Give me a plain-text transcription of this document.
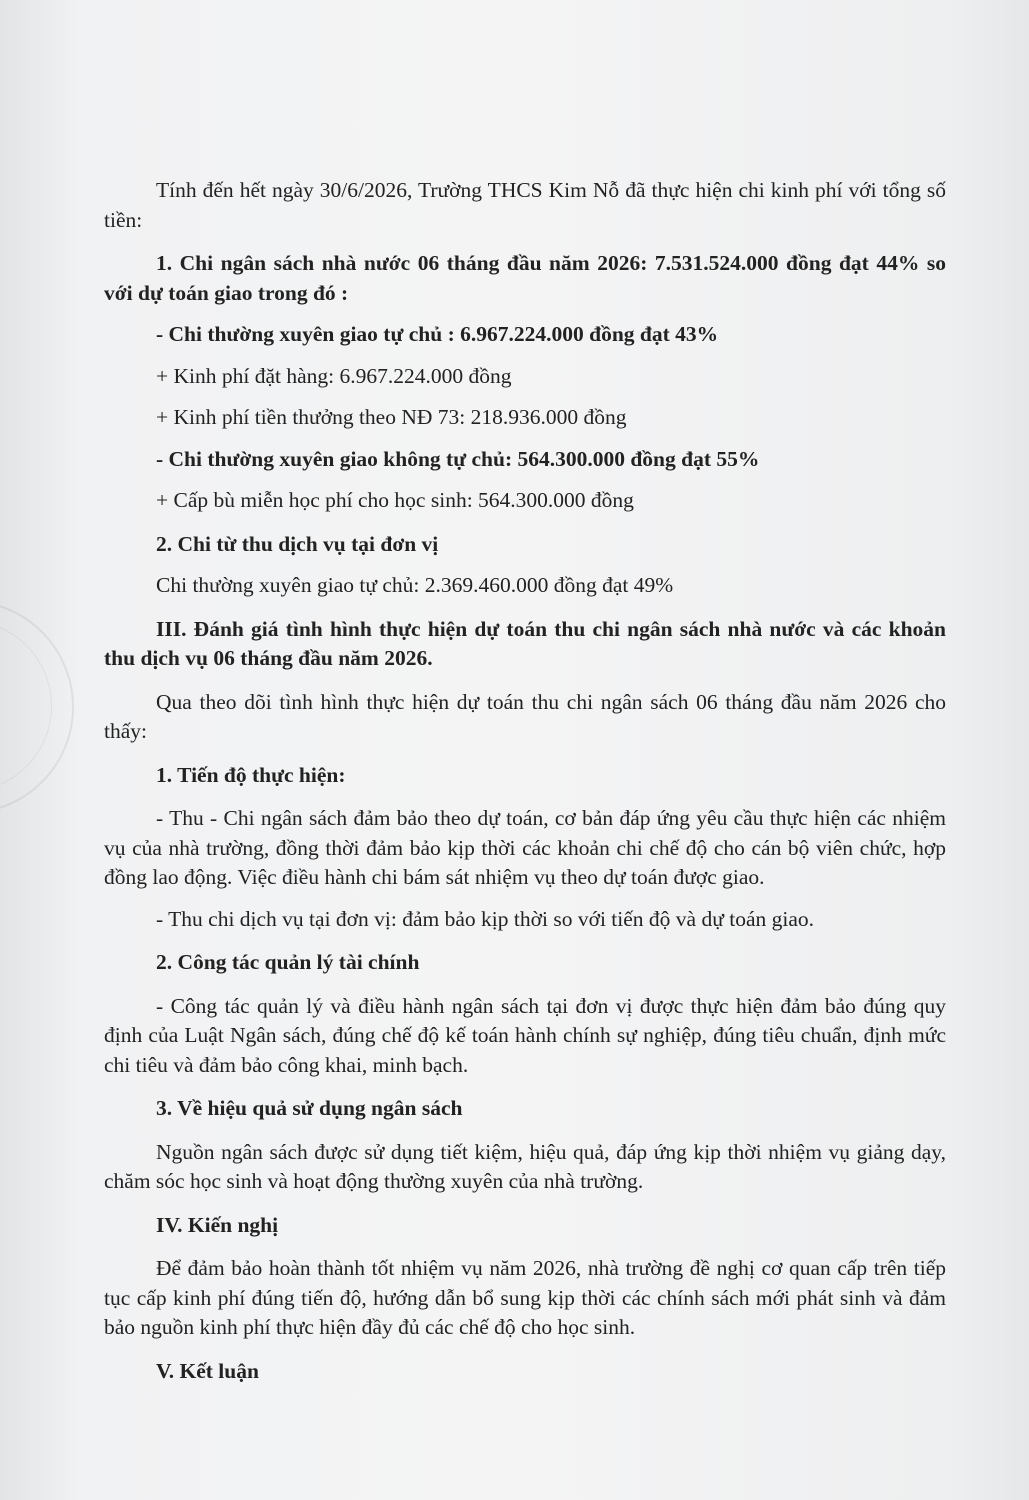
Tính đến hết ngày 30/6/2026, Trường THCS Kim Nỗ đã thực hiện chi kinh phí với tổng số tiền:

1. Chi ngân sách nhà nước 06 tháng đầu năm 2026: 7.531.524.000 đồng đạt 44% so với dự toán giao trong đó :

- Chi thường xuyên giao tự chủ : 6.967.224.000 đồng đạt 43%

+ Kinh phí đặt hàng: 6.967.224.000 đồng

+ Kinh phí tiền thưởng theo NĐ 73: 218.936.000 đồng

- Chi thường xuyên giao không tự chủ: 564.300.000 đồng đạt 55%

+ Cấp bù miễn học phí cho học sinh: 564.300.000 đồng

2. Chi từ thu dịch vụ tại đơn vị

Chi thường xuyên giao tự chủ: 2.369.460.000 đồng đạt 49%

III. Đánh giá tình hình thực hiện dự toán thu chi ngân sách nhà nước và các khoản thu dịch vụ 06 tháng đầu năm 2026.

Qua theo dõi tình hình thực hiện dự toán thu chi ngân sách 06 tháng đầu năm 2026 cho thấy:

1. Tiến độ thực hiện:

- Thu - Chi ngân sách đảm bảo theo dự toán, cơ bản đáp ứng yêu cầu thực hiện các nhiệm vụ của nhà trường, đồng thời đảm bảo kịp thời các khoản chi chế độ cho cán bộ viên chức, hợp đồng lao động. Việc điều hành chi bám sát nhiệm vụ theo dự toán được giao.

- Thu chi dịch vụ tại đơn vị: đảm bảo kịp thời so với tiến độ và dự toán giao.

2. Công tác quản lý tài chính

- Công tác quản lý và điều hành ngân sách tại đơn vị được thực hiện đảm bảo đúng quy định của Luật Ngân sách, đúng chế độ kế toán hành chính sự nghiệp, đúng tiêu chuẩn, định mức chi tiêu và đảm bảo công khai, minh bạch.

3. Về hiệu quả sử dụng ngân sách

Nguồn ngân sách được sử dụng tiết kiệm, hiệu quả, đáp ứng kịp thời nhiệm vụ giảng dạy, chăm sóc học sinh và hoạt động thường xuyên của nhà trường.

IV. Kiến nghị

Để đảm bảo hoàn thành tốt nhiệm vụ năm 2026, nhà trường đề nghị cơ quan cấp trên tiếp tục cấp kinh phí đúng tiến độ, hướng dẫn bổ sung kịp thời các chính sách mới phát sinh và đảm bảo nguồn kinh phí thực hiện đầy đủ các chế độ cho học sinh.

V. Kết luận
